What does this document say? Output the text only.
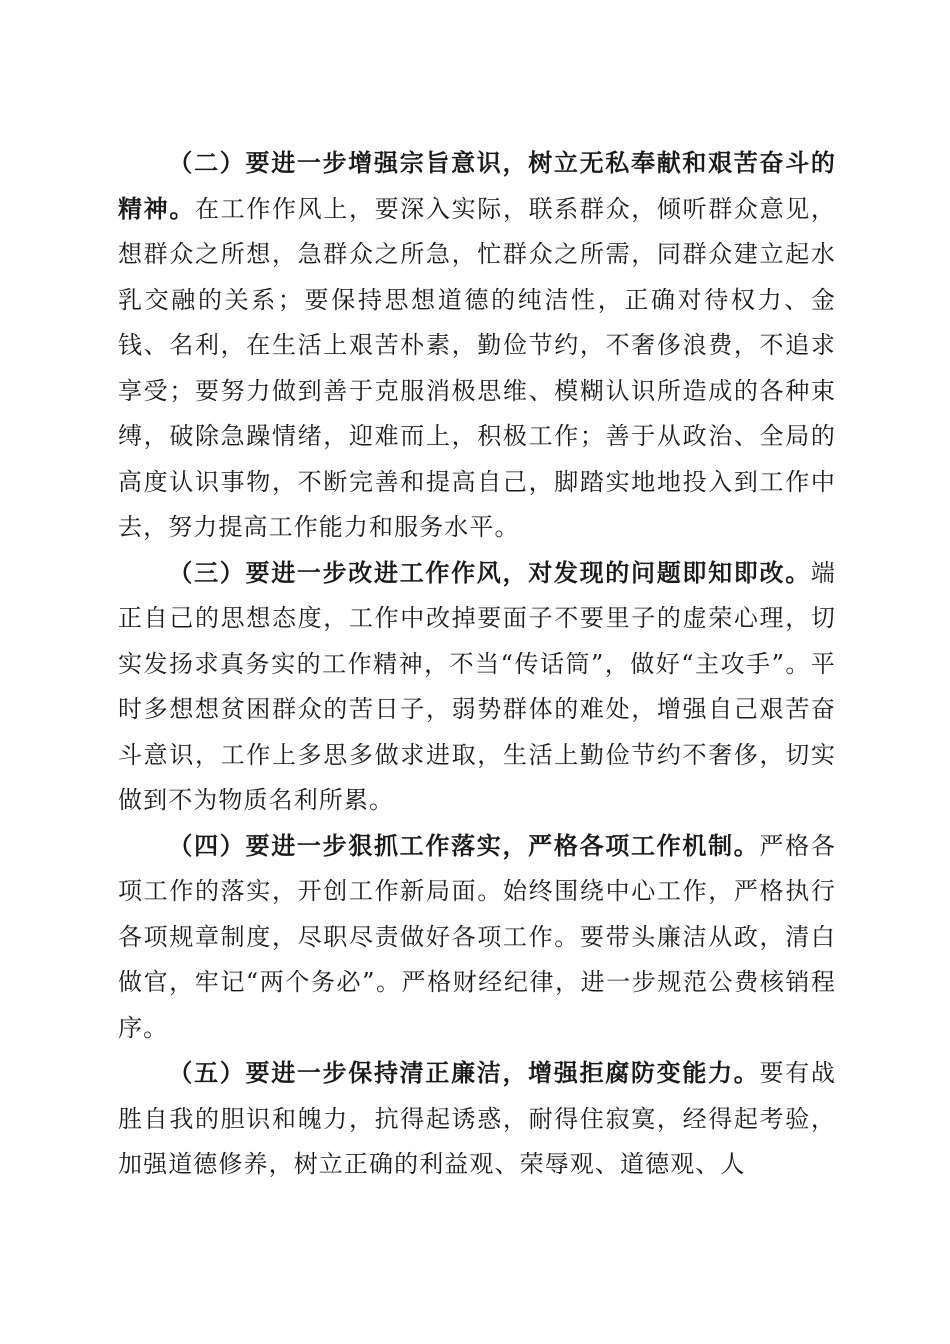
（二）要进一步增强宗旨意识，树立无私奉献和艰苦奋斗的精神。在工作作风上，要深入实际，联系群众，倾听群众意见，想群众之所想，急群众之所急，忙群众之所需，同群众建立起水乳交融的关系；要保持思想道德的纯洁性，正确对待权力、金钱、名利，在生活上艰苦朴素，勤俭节约，不奢侈浪费，不追求享受；要努力做到善于克服消极思维、模糊认识所造成的各种束缚，破除急躁情绪，迎难而上，积极工作；善于从政治、全局的高度认识事物，不断完善和提高自己，脚踏实地地投入到工作中去，努力提高工作能力和服务水平。

（三）要进一步改进工作作风，对发现的问题即知即改。端正自己的思想态度，工作中改掉要面子不要里子的虚荣心理，切实发扬求真务实的工作精神，不当“传话筒”，做好“主攻手”。平时多想想贫困群众的苦日子，弱势群体的难处，增强自己艰苦奋斗意识，工作上多思多做求进取，生活上勤俭节约不奢侈，切实做到不为物质名利所累。

（四）要进一步狠抓工作落实，严格各项工作机制。严格各项工作的落实，开创工作新局面。始终围绕中心工作，严格执行各项规章制度，尽职尽责做好各项工作。要带头廉洁从政，清白做官，牢记“两个务必”。严格财经纪律，进一步规范公费核销程序。

（五）要进一步保持清正廉洁，增强拒腐防变能力。要有战胜自我的胆识和魄力，抗得起诱惑，耐得住寂寞，经得起考验，加强道德修养，树立正确的利益观、荣辱观、道德观、人
